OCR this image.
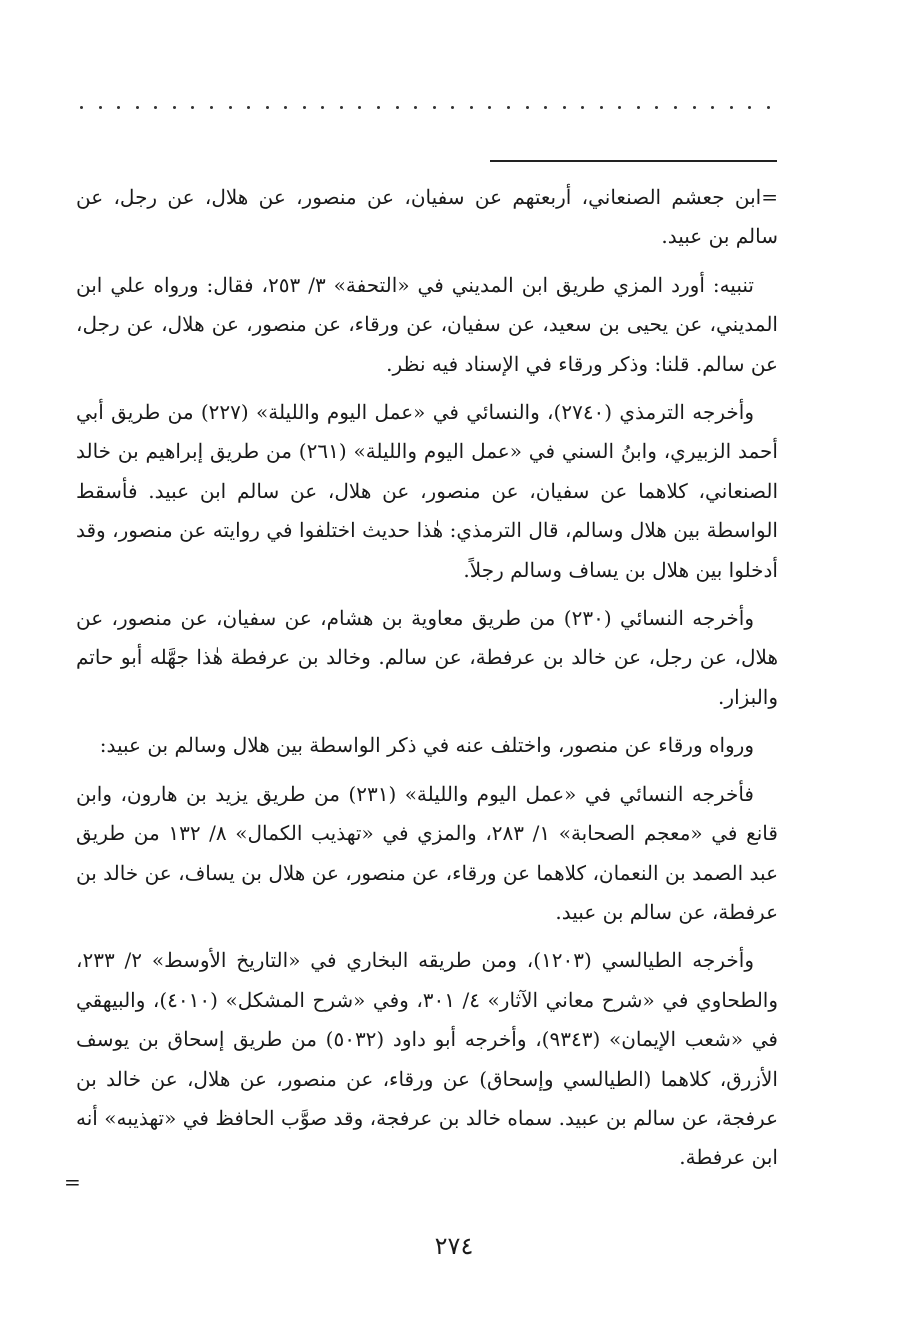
=ابن جعشم الصنعاني، أربعتهم عن سفيان، عن منصور، عن هلال، عن رجل، عن سالم بن عبيد.

تنبيه: أورد المزي طريق ابن المديني في «التحفة» ٣/ ٢٥٣، فقال: ورواه علي ابن المديني، عن يحيى بن سعيد، عن سفيان، عن ورقاء، عن منصور، عن هلال، عن رجل، عن سالم. قلنا: وذكر ورقاء في الإسناد فيه نظر.

وأخرجه الترمذي (٢٧٤٠)، والنسائي في «عمل اليوم والليلة» (٢٢٧) من طريق أبي أحمد الزبيري، وابنُ السني في «عمل اليوم والليلة» (٢٦١) من طريق إبراهيم بن خالد الصنعاني، كلاهما عن سفيان، عن منصور، عن هلال، عن سالم ابن عبيد. فأسقط الواسطة بين هلال وسالم، قال الترمذي: هٰذا حديث اختلفوا في روايته عن منصور، وقد أدخلوا بين هلال بن يساف وسالم رجلاً.

وأخرجه النسائي (٢٣٠) من طريق معاوية بن هشام، عن سفيان، عن منصور، عن هلال، عن رجل، عن خالد بن عرفطة، عن سالم. وخالد بن عرفطة هٰذا جهَّله أبو حاتم والبزار.

ورواه ورقاء عن منصور، واختلف عنه في ذكر الواسطة بين هلال وسالم بن عبيد:

فأخرجه النسائي في «عمل اليوم والليلة» (٢٣١) من طريق يزيد بن هارون، وابن قانع في «معجم الصحابة» ١/ ٢٨٣، والمزي في «تهذيب الكمال» ٨/ ١٣٢ من طريق عبد الصمد بن النعمان، كلاهما عن ورقاء، عن منصور، عن هلال بن يساف، عن خالد بن عرفطة، عن سالم بن عبيد.

وأخرجه الطيالسي (١٢٠٣)، ومن طريقه البخاري في «التاريخ الأوسط» ٢/ ٢٣٣، والطحاوي في «شرح معاني الآثار» ٤/ ٣٠١، وفي «شرح المشكل» (٤٠١٠)، والبيهقي في «شعب الإيمان» (٩٣٤٣)، وأخرجه أبو داود (٥٠٣٢) من طريق إسحاق بن يوسف الأزرق، كلاهما (الطيالسي وإسحاق) عن ورقاء، عن منصور، عن هلال، عن خالد بن عرفجة، عن سالم بن عبيد. سماه خالد بن عرفجة، وقد صوَّب الحافظ في «تهذيبه» أنه ابن عرفطة.

=
٢٧٤
